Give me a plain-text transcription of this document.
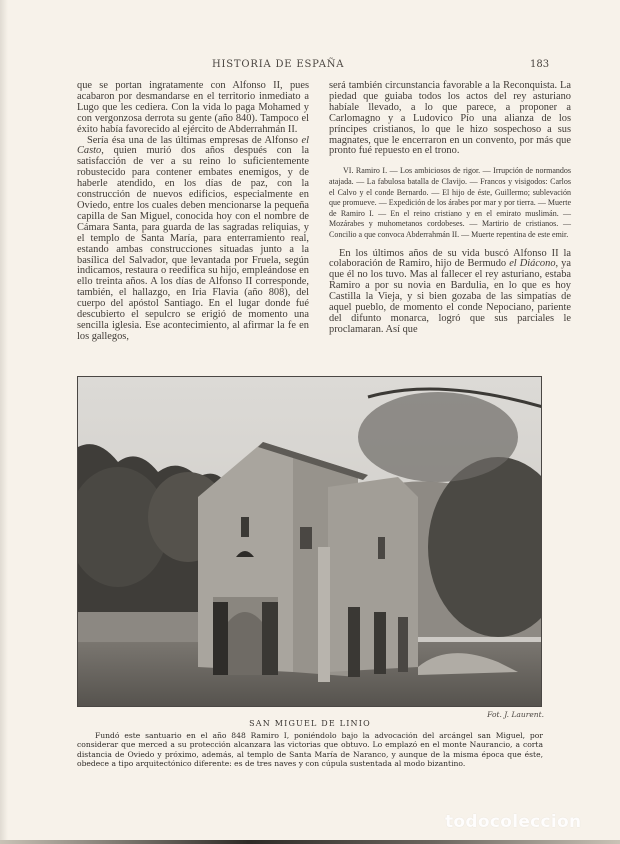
HISTORIA DE ESPAÑA	183

que se portan ingratamente con Alfonso II, pues acabaron por desmandarse en el territorio inmediato a Lugo que les cediera. Con la vida lo paga Mohamed y con vergonzosa derrota su gente (año 840). Tampoco el éxito había favorecido al ejército de Abderrahmán II.

Sería ésa una de las últimas empresas de Alfonso el Casto, quien murió dos años después con la satisfacción de ver a su reino lo suficientemente robustecido para contener embates enemigos, y de haberle atendido, en los días de paz, con la construcción de nuevos edificios, especialmente en Oviedo, entre los cuales deben mencionarse la pequeña capilla de San Miguel, conocida hoy con el nombre de Cámara Santa, para guarda de las sagradas reliquias, y el templo de Santa María, para enterramiento real, estando ambas construcciones situadas junto a la basílica del Salvador, que levantada por Fruela, según indicamos, restaura o reedifica su hijo, empleándose en ello treinta años. A los días de Alfonso II corresponde, también, el hallazgo, en Iria Flavia (año 808), del cuerpo del apóstol Santiago. En el lugar donde fué descubierto el sepulcro se erigió de momento una sencilla iglesia. Ese acontecimiento, al afirmar la fe en los gallegos,

será también circunstancia favorable a la Reconquista. La piedad que guiaba todos los actos del rey asturiano habíale llevado, a lo que parece, a proponer a Carlomagno y a Ludovico Pío una alianza de los príncipes cristianos, lo que le hizo sospechoso a sus magnates, que le encerraron en un convento, por más que pronto fué repuesto en el trono.

VI. Ramiro I. — Los ambiciosos de rigor. — Irrupción de normandos atajada. — La fabulosa batalla de Clavijo. — Francos y visigodos: Carlos el Calvo y el conde Bernardo. — El hijo de éste, Guillermo; sublevación que promueve. — Expedición de los árabes por mar y por tierra. — Muerte de Ramiro I. — En el reino cristiano y en el emirato muslimán. — Mozárabes y muhometanos cordobeses. — Martirio de cristianos. — Concilio a que convoca Abderrahmán II. — Muerte repentina de este emir.

En los últimos años de su vida buscó Alfonso II la colaboración de Ramiro, hijo de Bermudo el Diácono, ya que él no los tuvo. Mas al fallecer el rey asturiano, estaba Ramiro a por su novia en Bardulia, en lo que es hoy Castilla la Vieja, y si bien gozaba de las simpatías de aquel pueblo, de momento el conde Nepociano, pariente del difunto monarca, logró que sus parciales le proclamaran. Así que

Fot. J. Laurent.
SAN MIGUEL DE LINIO
Fundó este santuario en el año 848 Ramiro I, poniéndolo bajo la advocación del arcángel san Miguel, por considerar que merced a su protección alcanzara las victorias que obtuvo. Lo emplazó en el monte Naurancio, a corta distancia de Oviedo y próximo, además, al templo de Santa María de Naranco, y aunque de la misma época que éste, obedece a tipo arquitectónico diferente: es de tres naves y con cúpula sustentada al modo bizantino.
todocoleccion
